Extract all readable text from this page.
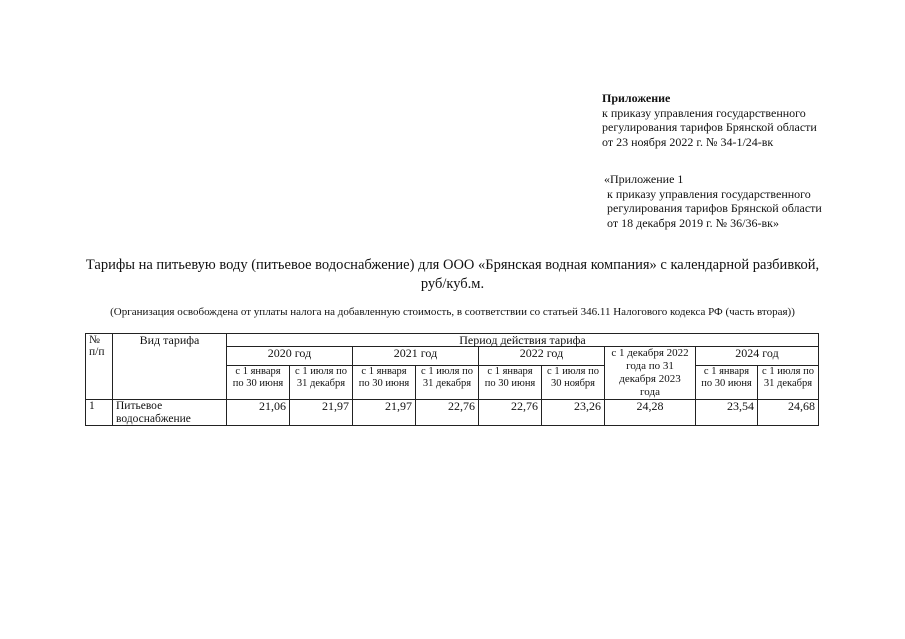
Приложение
к приказу управления государственного
регулирования тарифов Брянской области
от 23 ноября 2022 г. № 34-1/24-вк
«Приложение 1
к приказу управления государственного
регулирования тарифов Брянской области
от 18 декабря 2019 г. № 36/36-вк»
Тарифы на питьевую воду (питьевое водоснабжение) для ООО «Брянская водная компания» с календарной разбивкой,
руб/куб.м.
(Организация освобождена от уплаты налога на добавленную стоимость, в соответствии со статьей 346.11 Налогового кодекса РФ (часть вторая))
№ п/п	Вид тарифа	Период действия тарифа								
		2020 год		2021 год		2022 год		с 1 декабря 2022 года по 31 декабря 2023 года	2024 год	
		с 1 января по 30 июня	с 1 июля по 31 декабря	с 1 января по 30 июня	с 1 июля по 31 декабря	с 1 января по 30 июня	с 1 июля по 30 ноября		с 1 января по 30 июня	с 1 июля по 31 декабря
1	Питьевое водоснабжение	21,06	21,97	21,97	22,76	22,76	23,26	24,28	23,54	24,68
